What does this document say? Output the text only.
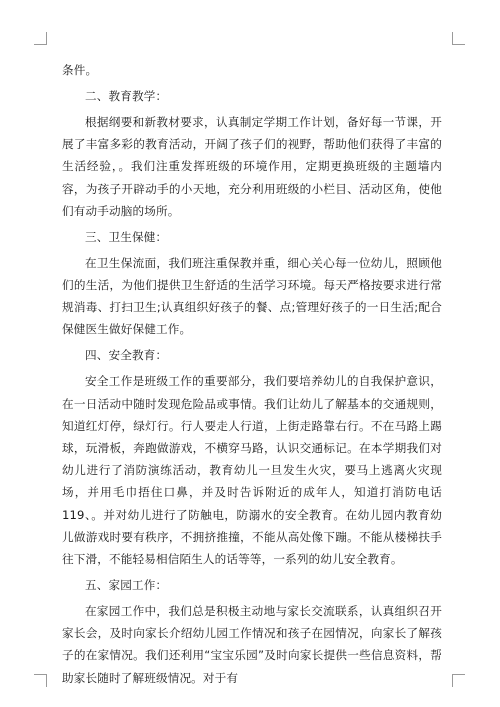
条件。

二、教育教学：

根据纲要和新教材要求，认真制定学期工作计划，备好每一节课，开展了丰富多彩的教育活动，开阔了孩子们的视野，帮助他们获得了丰富的生活经验，。我们注重发挥班级的环境作用，定期更换班级的主题墙内容，为孩子开辟动手的小天地，充分利用班级的小栏目、活动区角，使他们有动手动脑的场所。

三、卫生保健：

在卫生保流面，我们班注重保教并重，细心关心每一位幼儿，照顾他们的生活，为他们提供卫生舒适的生活学习环境。每天严格按要求进行常规消毒、打扫卫生;认真组织好孩子的餐、点;管理好孩子的一日生活;配合保健医生做好保健工作。

四、安全教育：

安全工作是班级工作的重要部分，我们要培养幼儿的自我保护意识，在一日活动中随时发现危险品或事情。我们让幼儿了解基本的交通规则，知道红灯停，绿灯行。行人要走人行道，上街走路靠右行。不在马路上踢球，玩滑板，奔跑做游戏，不横穿马路，认识交通标记。在本学期我们对幼儿进行了消防演练活动，教育幼儿一旦发生火灾，要马上逃离火灾现场，并用毛巾捂住口鼻，并及时告诉附近的成年人，知道打消防电话119、。并对幼儿进行了防触电，防溺水的安全教育。在幼儿园内教育幼儿做游戏时要有秩序，不拥挤推撞，不能从高处像下蹦。不能从楼梯扶手往下滑，不能轻易相信陌生人的话等等，一系列的幼儿安全教育。

五、家园工作：

在家园工作中，我们总是积极主动地与家长交流联系，认真组织召开家长会，及时向家长介绍幼儿园工作情况和孩子在园情况，向家长了解孩子的在家情况。我们还利用“宝宝乐园”及时向家长提供一些信息资料，帮助家长随时了解班级情况。对于有
